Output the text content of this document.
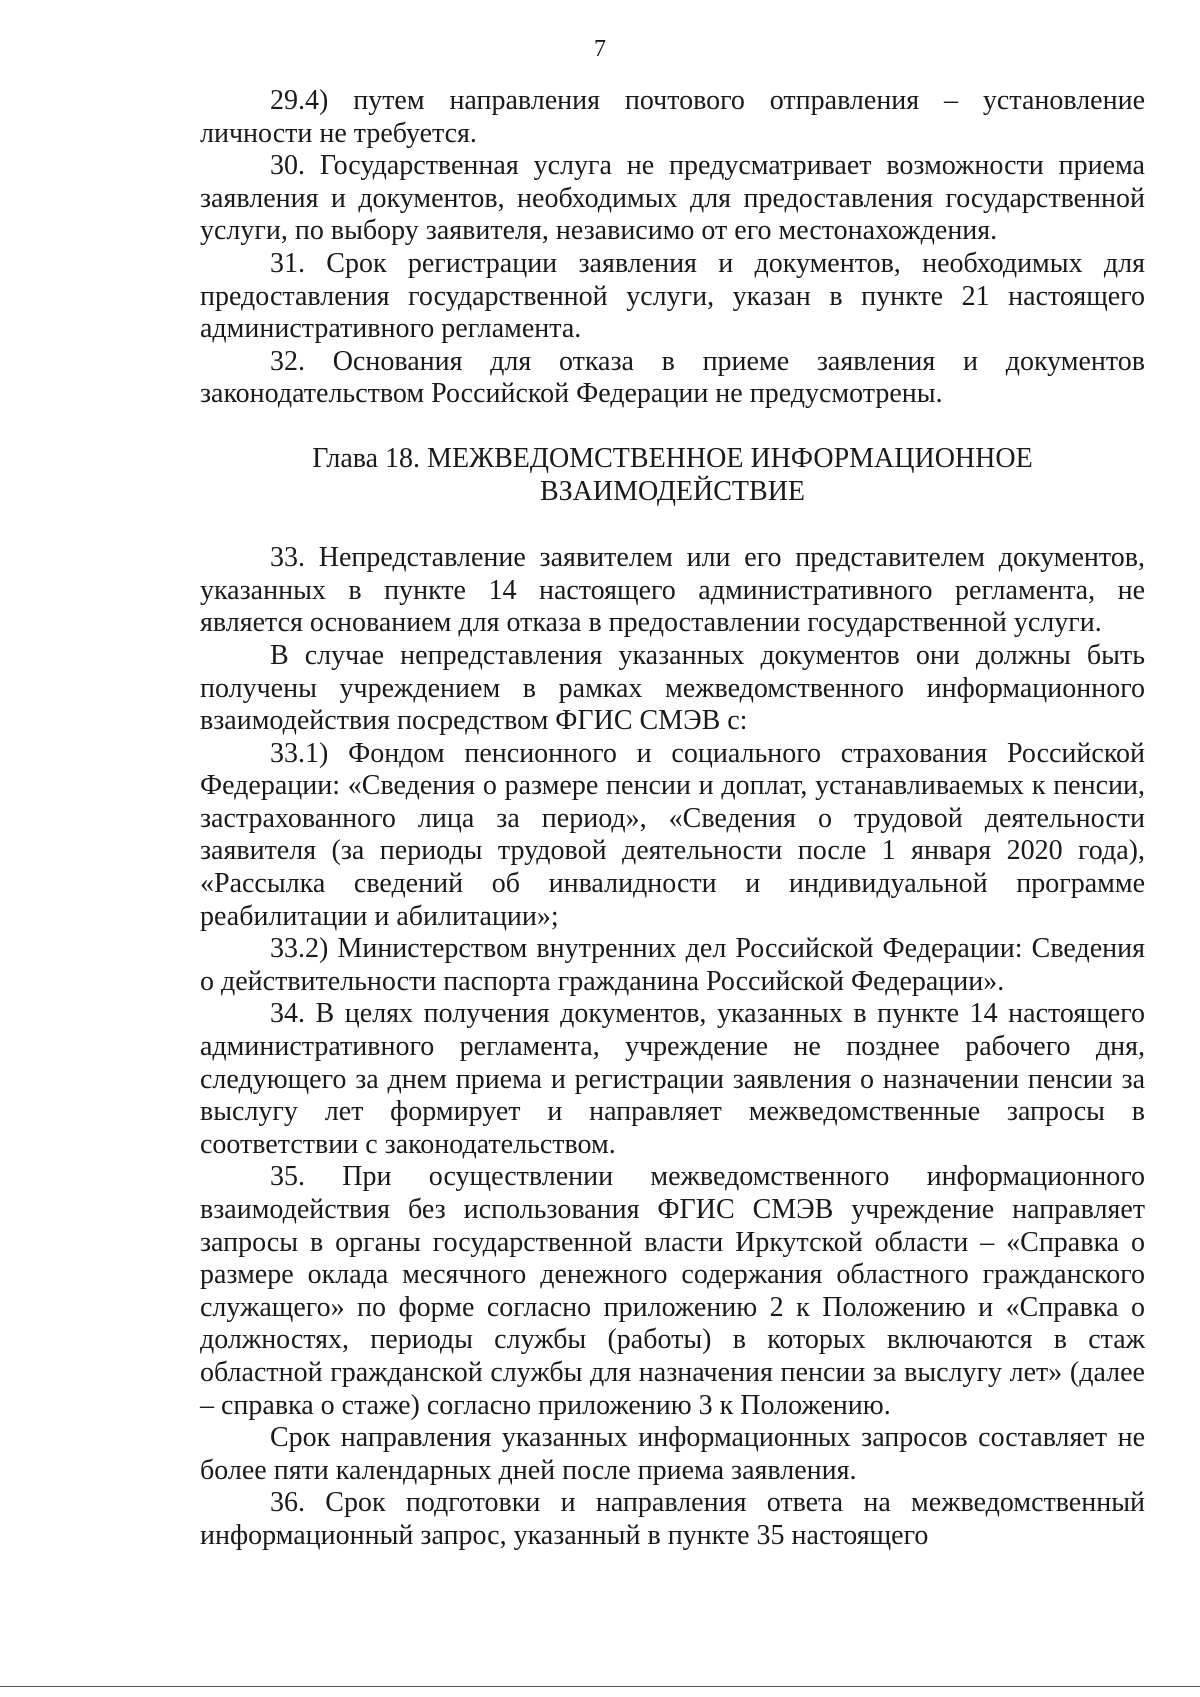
7

29.4) путем направления почтового отправления – установление личности не требуется.

30. Государственная услуга не предусматривает возможности приема заявления и документов, необходимых для предоставления государственной услуги, по выбору заявителя, независимо от его местонахождения.

31. Срок регистрации заявления и документов, необходимых для предоставления государственной услуги, указан в пункте 21 настоящего административного регламента.

32. Основания для отказа в приеме заявления и документов законодательством Российской Федерации не предусмотрены.

Глава 18. МЕЖВЕДОМСТВЕННОЕ ИНФОРМАЦИОННОЕ
ВЗАИМОДЕЙСТВИЕ

33. Непредставление заявителем или его представителем документов, указанных в пункте 14 настоящего административного регламента, не является основанием для отказа в предоставлении государственной услуги.

В случае непредставления указанных документов они должны быть получены учреждением в рамках межведомственного информационного взаимодействия посредством ФГИС СМЭВ с:

33.1) Фондом пенсионного и социального страхования Российской Федерации: «Сведения о размере пенсии и доплат, устанавливаемых к пенсии, застрахованного лица за период», «Сведения о трудовой деятельности заявителя (за периоды трудовой деятельности после 1 января 2020 года), «Рассылка сведений об инвалидности и индивидуальной программе реабилитации и абилитации»;

33.2) Министерством внутренних дел Российской Федерации: Сведения о действительности паспорта гражданина Российской Федерации».

34. В целях получения документов, указанных в пункте 14 настоящего административного регламента, учреждение не позднее рабочего дня, следующего за днем приема и регистрации заявления о назначении пенсии за выслугу лет формирует и направляет межведомственные запросы в соответствии с законодательством.

35. При осуществлении межведомственного информационного взаимодействия без использования ФГИС СМЭВ учреждение направляет запросы в органы государственной власти Иркутской области – «Справка о размере оклада месячного денежного содержания областного гражданского служащего» по форме согласно приложению 2 к Положению и «Справка о должностях, периоды службы (работы) в которых включаются в стаж областной гражданской службы для назначения пенсии за выслугу лет» (далее – справка о стаже) согласно приложению 3 к Положению.

Срок направления указанных информационных запросов составляет не более пяти календарных дней после приема заявления.

36. Срок подготовки и направления ответа на межведомственный информационный запрос, указанный в пункте 35 настоящего
